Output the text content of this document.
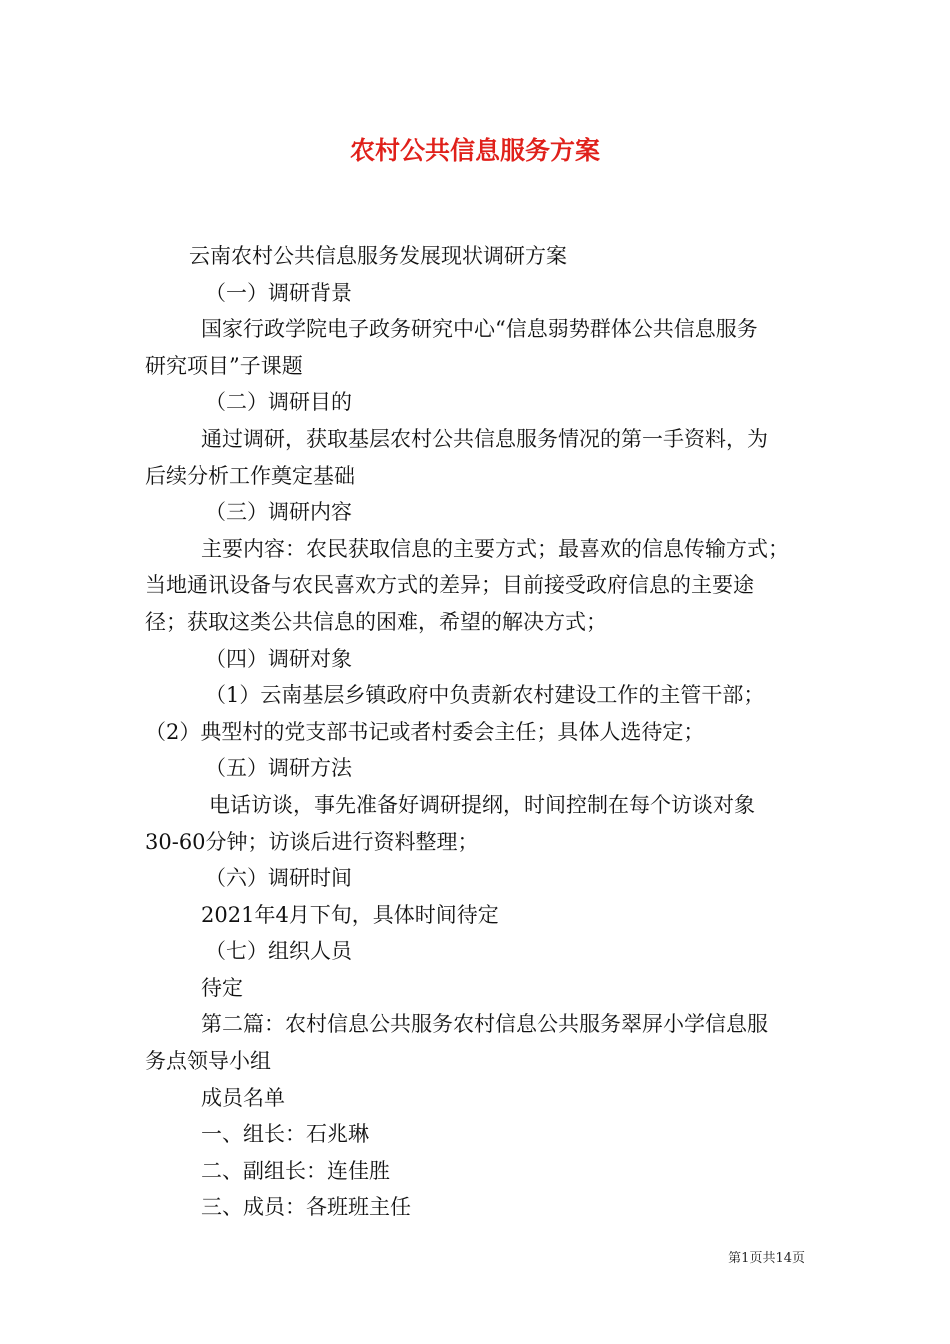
农村公共信息服务方案

云南农村公共信息服务发展现状调研方案

（一）调研背景

国家行政学院电子政务研究中心“信息弱势群体公共信息服务

研究项目”子课题

（二）调研目的

通过调研，获取基层农村公共信息服务情况的第一手资料，为

后续分析工作奠定基础

（三）调研内容

主要内容：农民获取信息的主要方式；最喜欢的信息传输方式；

当地通讯设备与农民喜欢方式的差异；目前接受政府信息的主要途

径；获取这类公共信息的困难，希望的解决方式；

（四）调研对象

（1）云南基层乡镇政府中负责新农村建设工作的主管干部；

（2）典型村的党支部书记或者村委会主任；具体人选待定；

（五）调研方法

电话访谈，事先准备好调研提纲，时间控制在每个访谈对象

30-60分钟；访谈后进行资料整理；

（六）调研时间

2021年4月下旬，具体时间待定

（七）组织人员

待定

第二篇：农村信息公共服务农村信息公共服务翠屏小学信息服

务点领导小组

成员名单

一、组长：石兆琳

二、副组长：连佳胜

三、成员：各班班主任

第1页共14页
